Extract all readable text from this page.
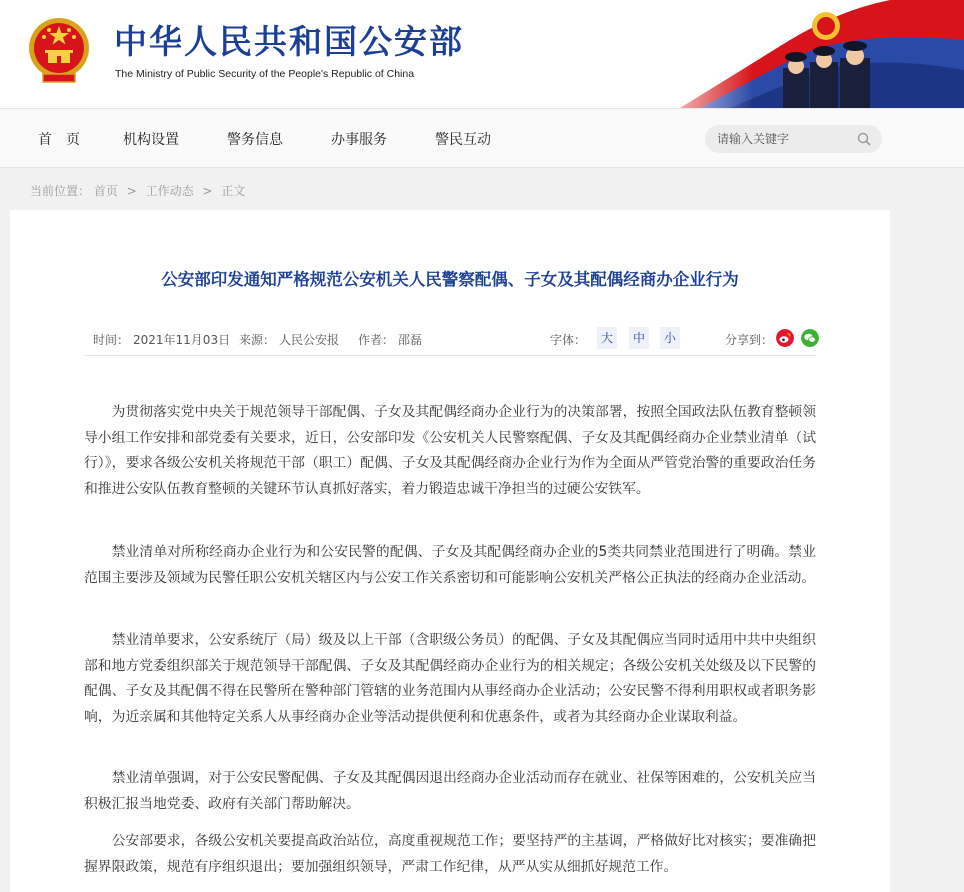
中华人民共和国公安部
The Ministry of Public Security of the People's Republic of China
首　页	机构设置	警务信息	办事服务	警民互动
请输入关键字
当前位置： 首页 > 工作动态 > 正文
公安部印发通知严格规范公安机关人民警察配偶、子女及其配偶经商办企业行为
时间： 2021年11月03日 来源： 人民公安报 作者： 邵磊	字体：	大	中	小	分享到：

为贯彻落实党中央关于规范领导干部配偶、子女及其配偶经商办企业行为的决策部署，按照全国政法队伍教育整顿领导小组工作安排和部党委有关要求，近日，公安部印发《公安机关人民警察配偶、子女及其配偶经商办企业禁业清单（试行）》，要求各级公安机关将规范干部（职工）配偶、子女及其配偶经商办企业行为作为全面从严管党治警的重要政治任务和推进公安队伍教育整顿的关键环节认真抓好落实，着力锻造忠诚干净担当的过硬公安铁军。

禁业清单对所称经商办企业行为和公安民警的配偶、子女及其配偶经商办企业的5类共同禁业范围进行了明确。禁业范围主要涉及领域为民警任职公安机关辖区内与公安工作关系密切和可能影响公安机关严格公正执法的经商办企业活动。

禁业清单要求，公安系统厅（局）级及以上干部（含职级公务员）的配偶、子女及其配偶应当同时适用中共中央组织部和地方党委组织部关于规范领导干部配偶、子女及其配偶经商办企业行为的相关规定；各级公安机关处级及以下民警的配偶、子女及其配偶不得在民警所在警种部门管辖的业务范围内从事经商办企业活动；公安民警不得利用职权或者职务影响，为近亲属和其他特定关系人从事经商办企业等活动提供便利和优惠条件，或者为其经商办企业谋取利益。

禁业清单强调，对于公安民警配偶、子女及其配偶因退出经商办企业活动而存在就业、社保等困难的，公安机关应当积极汇报当地党委、政府有关部门帮助解决。

公安部要求，各级公安机关要提高政治站位，高度重视规范工作；要坚持严的主基调，严格做好比对核实；要准确把握界限政策，规范有序组织退出；要加强组织领导，严肃工作纪律，从严从实从细抓好规范工作。
